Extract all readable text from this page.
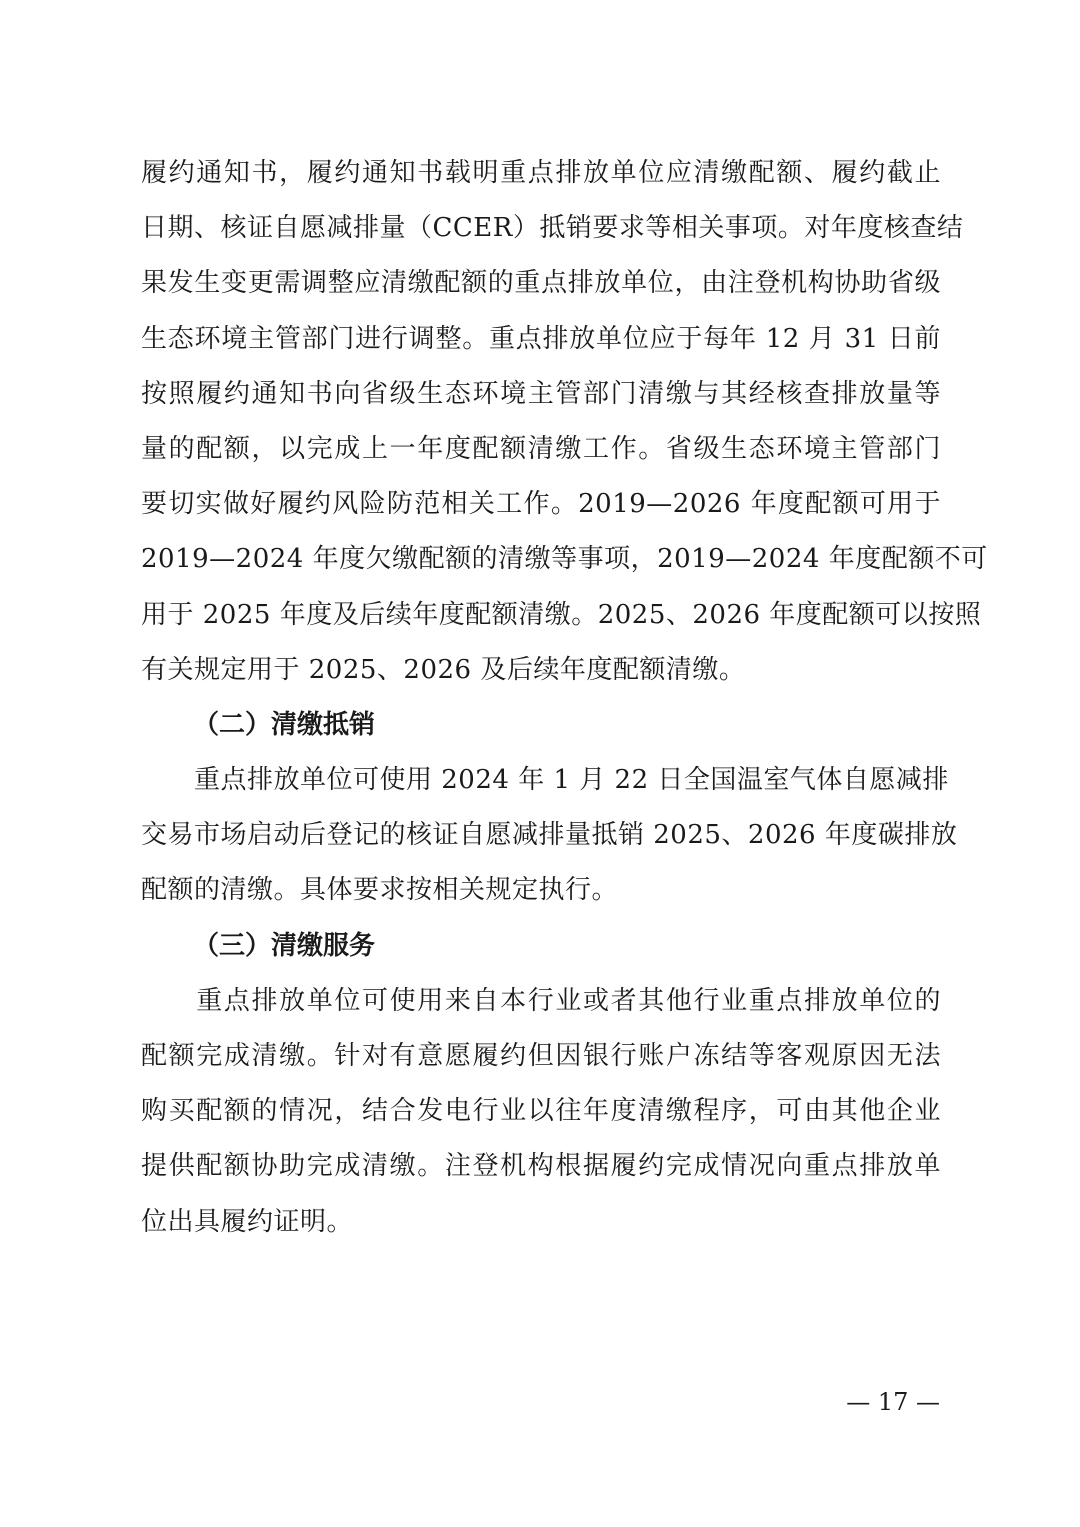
履约通知书，履约通知书载明重点排放单位应清缴配额、履约截止
日期、核证自愿减排量（CCER）抵销要求等相关事项。对年度核查结
果发生变更需调整应清缴配额的重点排放单位，由注登机构协助省级
生态环境主管部门进行调整。重点排放单位应于每年 12 月 31 日前
按照履约通知书向省级生态环境主管部门清缴与其经核查排放量等
量的配额，以完成上一年度配额清缴工作。省级生态环境主管部门
要切实做好履约风险防范相关工作。2019—2026 年度配额可用于
2019—2024 年度欠缴配额的清缴等事项，2019—2024 年度配额不可
用于 2025 年度及后续年度配额清缴。2025、2026 年度配额可以按照
有关规定用于 2025、2026 及后续年度配额清缴。
（二）清缴抵销
　　重点排放单位可使用 2024 年 1 月 22 日全国温室气体自愿减排
交易市场启动后登记的核证自愿减排量抵销 2025、2026 年度碳排放
配额的清缴。具体要求按相关规定执行。
（三）清缴服务
　　重点排放单位可使用来自本行业或者其他行业重点排放单位的
配额完成清缴。针对有意愿履约但因银行账户冻结等客观原因无法
购买配额的情况，结合发电行业以往年度清缴程序，可由其他企业
提供配额协助完成清缴。注登机构根据履约完成情况向重点排放单
位出具履约证明。
— 17 —
